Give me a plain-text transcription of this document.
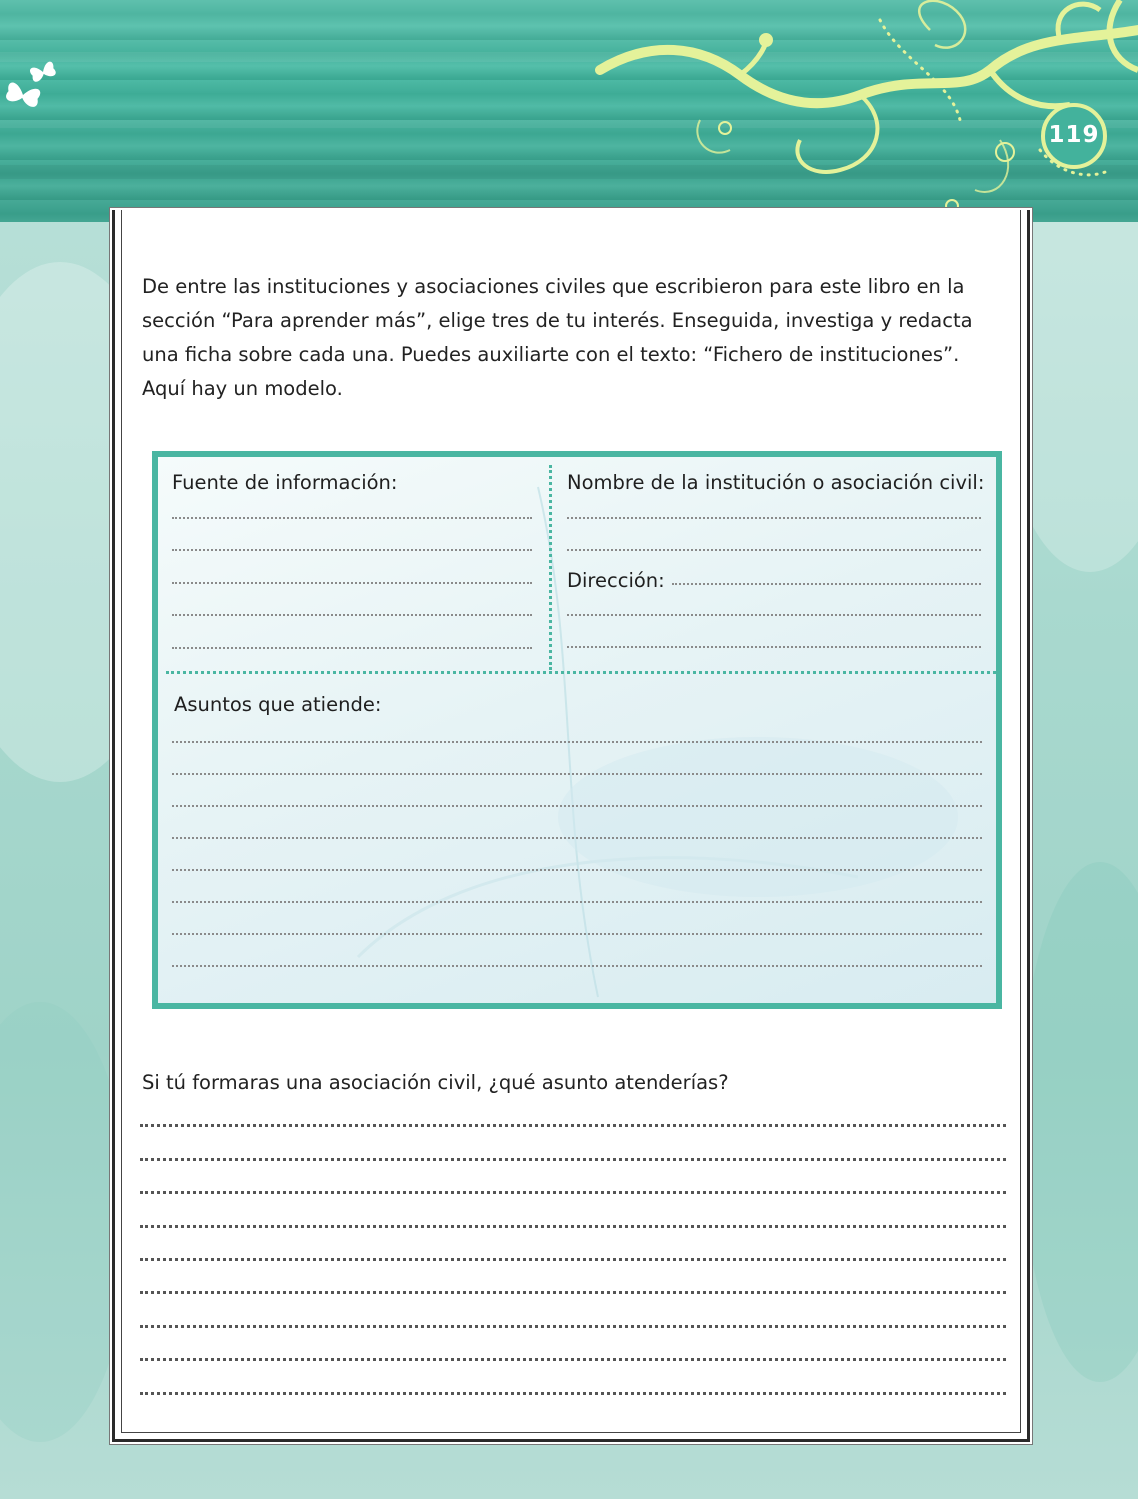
119

De entre las instituciones y asociaciones civiles que escribieron para este libro en la sección “Para aprender más”, elige tres de tu interés. Enseguida, investiga y redacta una ficha sobre cada una. Puedes auxiliarte con el texto: “Fichero de instituciones”. Aquí hay un modelo.

Fuente de información:	Nombre de la institución o asociación civil:

Dirección:

Asuntos que atiende:

Si tú formaras una asociación civil, ¿qué asunto atenderías?
